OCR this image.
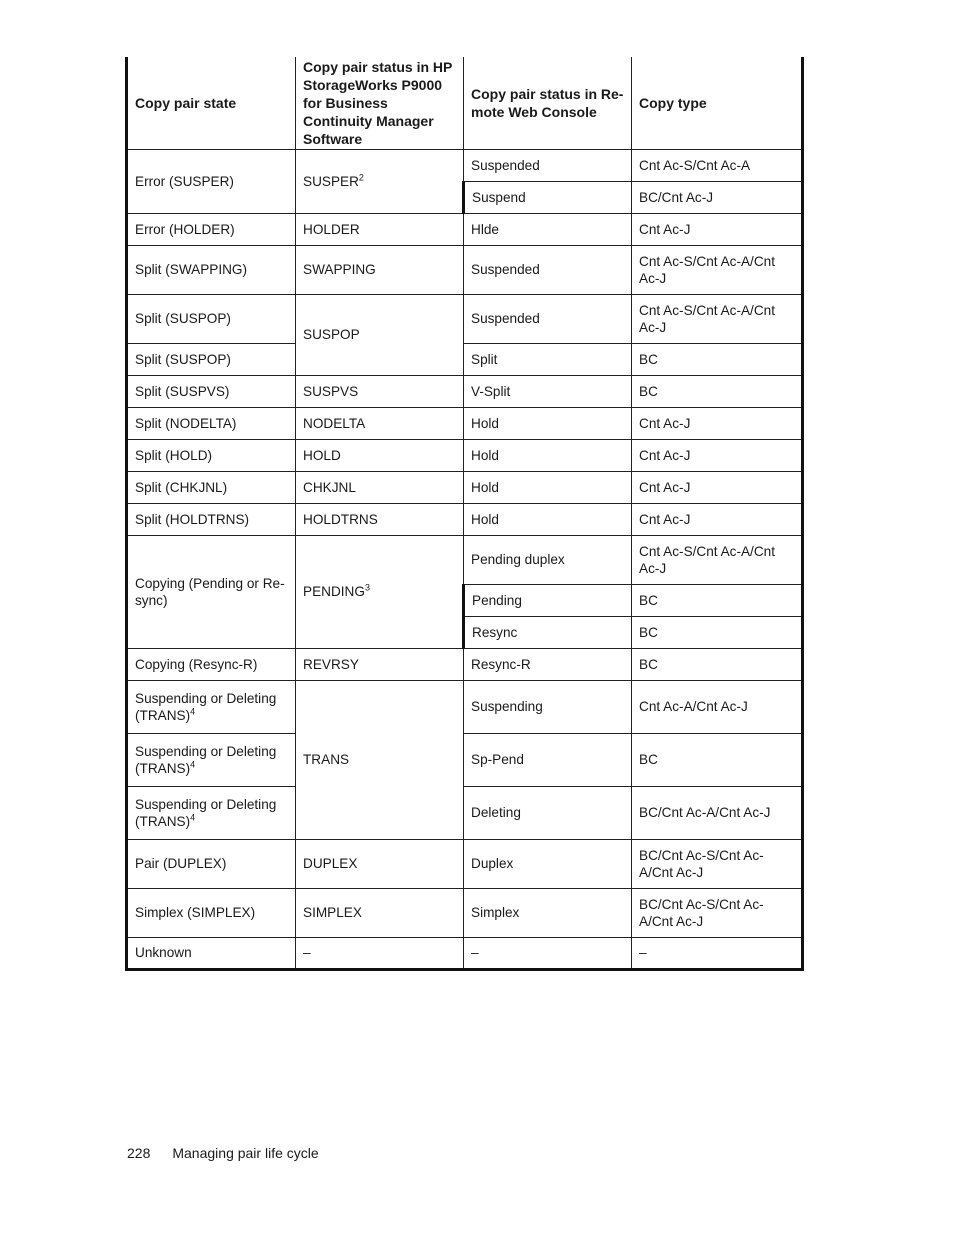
Copy pair state	Copy pair status in HP StorageWorks P9000 for Business Continuity Manager Software	Copy pair status in Re-mote Web Console	Copy type
Error (SUSPER)	SUSPER$^2$	Suspended	Cnt Ac-S/Cnt Ac-A
		Suspend	BC/Cnt Ac-J
Error (HOLDER)	HOLDER	Hlde	Cnt Ac-J
Split (SWAPPING)	SWAPPING	Suspended	Cnt Ac-S/Cnt Ac-A/Cnt Ac-J
Split (SUSPOP)	SUSPOP	Suspended	Cnt Ac-S/Cnt Ac-A/Cnt Ac-J
Split (SUSPOP)		Split	BC
Split (SUSPVS)	SUSPVS	V-Split	BC
Split (NODELTA)	NODELTA	Hold	Cnt Ac-J
Split (HOLD)	HOLD	Hold	Cnt Ac-J
Split (CHKJNL)	CHKJNL	Hold	Cnt Ac-J
Split (HOLDTRNS)	HOLDTRNS	Hold	Cnt Ac-J
Copying (Pending or Re-sync)	PENDING$^3$	Pending duplex	Cnt Ac-S/Cnt Ac-A/Cnt Ac-J
		Pending	BC
		Resync	BC
Copying (Resync-R)	REVRSY	Resync-R	BC
Suspending or Deleting (TRANS)$^4$	TRANS	Suspending	Cnt Ac-A/Cnt Ac-J
Suspending or Deleting (TRANS)$^4$		Sp-Pend	BC
Suspending or Deleting (TRANS)$^4$		Deleting	BC/Cnt Ac-A/Cnt Ac-J
Pair (DUPLEX)	DUPLEX	Duplex	BC/Cnt Ac-S/Cnt Ac-A/Cnt Ac-J
Simplex (SIMPLEX)	SIMPLEX	Simplex	BC/Cnt Ac-S/Cnt Ac-A/Cnt Ac-J
Unknown	–	–	–
228 Managing pair life cycle
